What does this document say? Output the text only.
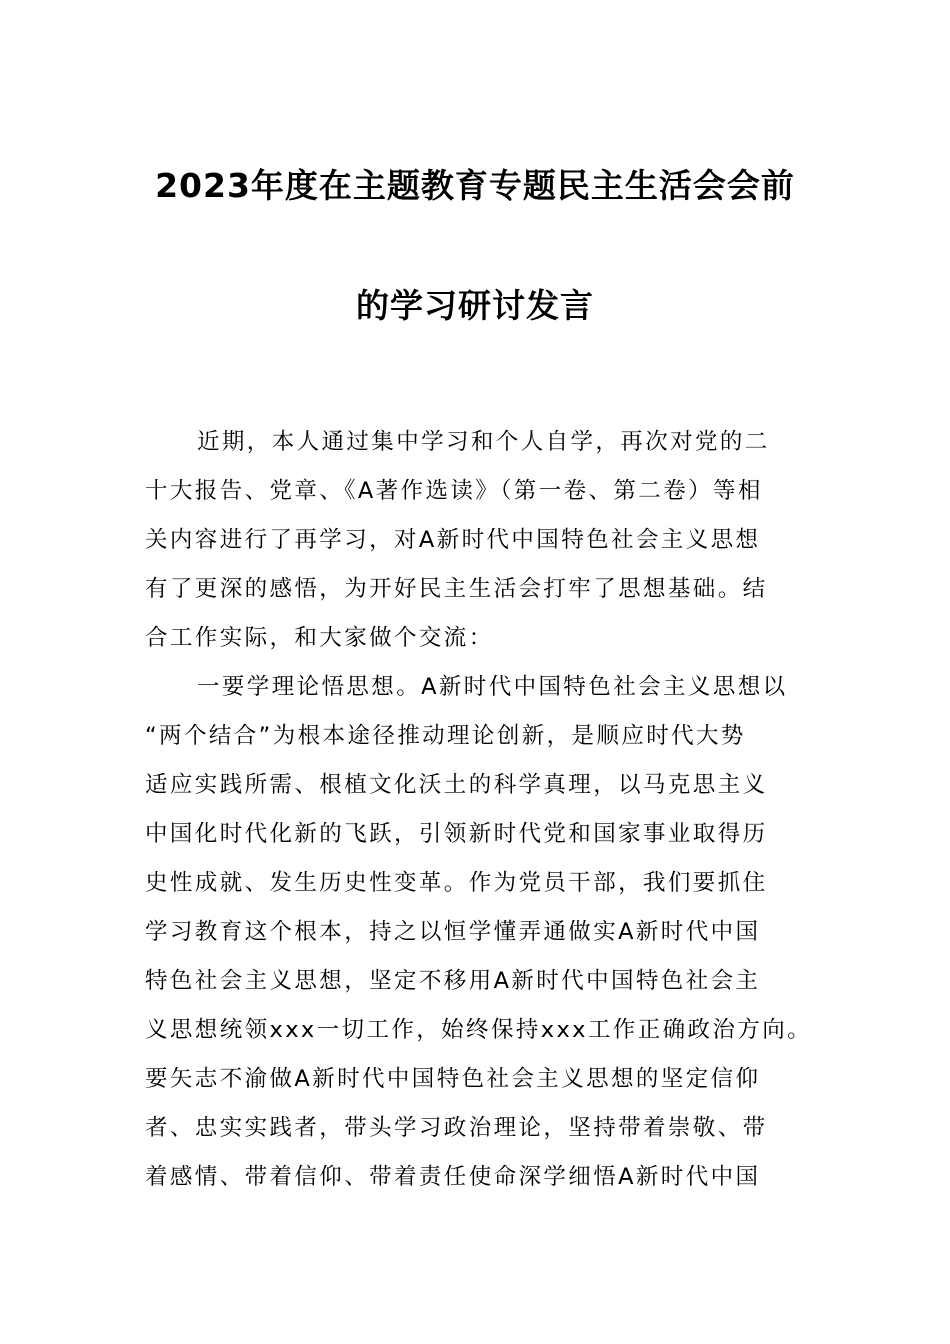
2023年度在主题教育专题民主生活会会前
的学习研讨发言
近期，本人通过集中学习和个人自学，再次对党的二
十大报告、党章、《A著作选读》（第一卷、第二卷）等相
关内容进行了再学习，对A新时代中国特色社会主义思想
有了更深的感悟，为开好民主生活会打牢了思想基础。结
合工作实际，和大家做个交流：
一要学理论悟思想。A新时代中国特色社会主义思想以
“两个结合”为根本途径推动理论创新，是顺应时代大势
适应实践所需、根植文化沃土的科学真理，以马克思主义
中国化时代化新的飞跃，引领新时代党和国家事业取得历
史性成就、发生历史性变革。作为党员干部，我们要抓住
学习教育这个根本，持之以恒学懂弄通做实A新时代中国
特色社会主义思想，坚定不移用A新时代中国特色社会主
义思想统领xxx一切工作，始终保持xxx工作正确政治方向。
要矢志不渝做A新时代中国特色社会主义思想的坚定信仰
者、忠实实践者，带头学习政治理论，坚持带着崇敬、带
着感情、带着信仰、带着责任使命深学细悟A新时代中国
